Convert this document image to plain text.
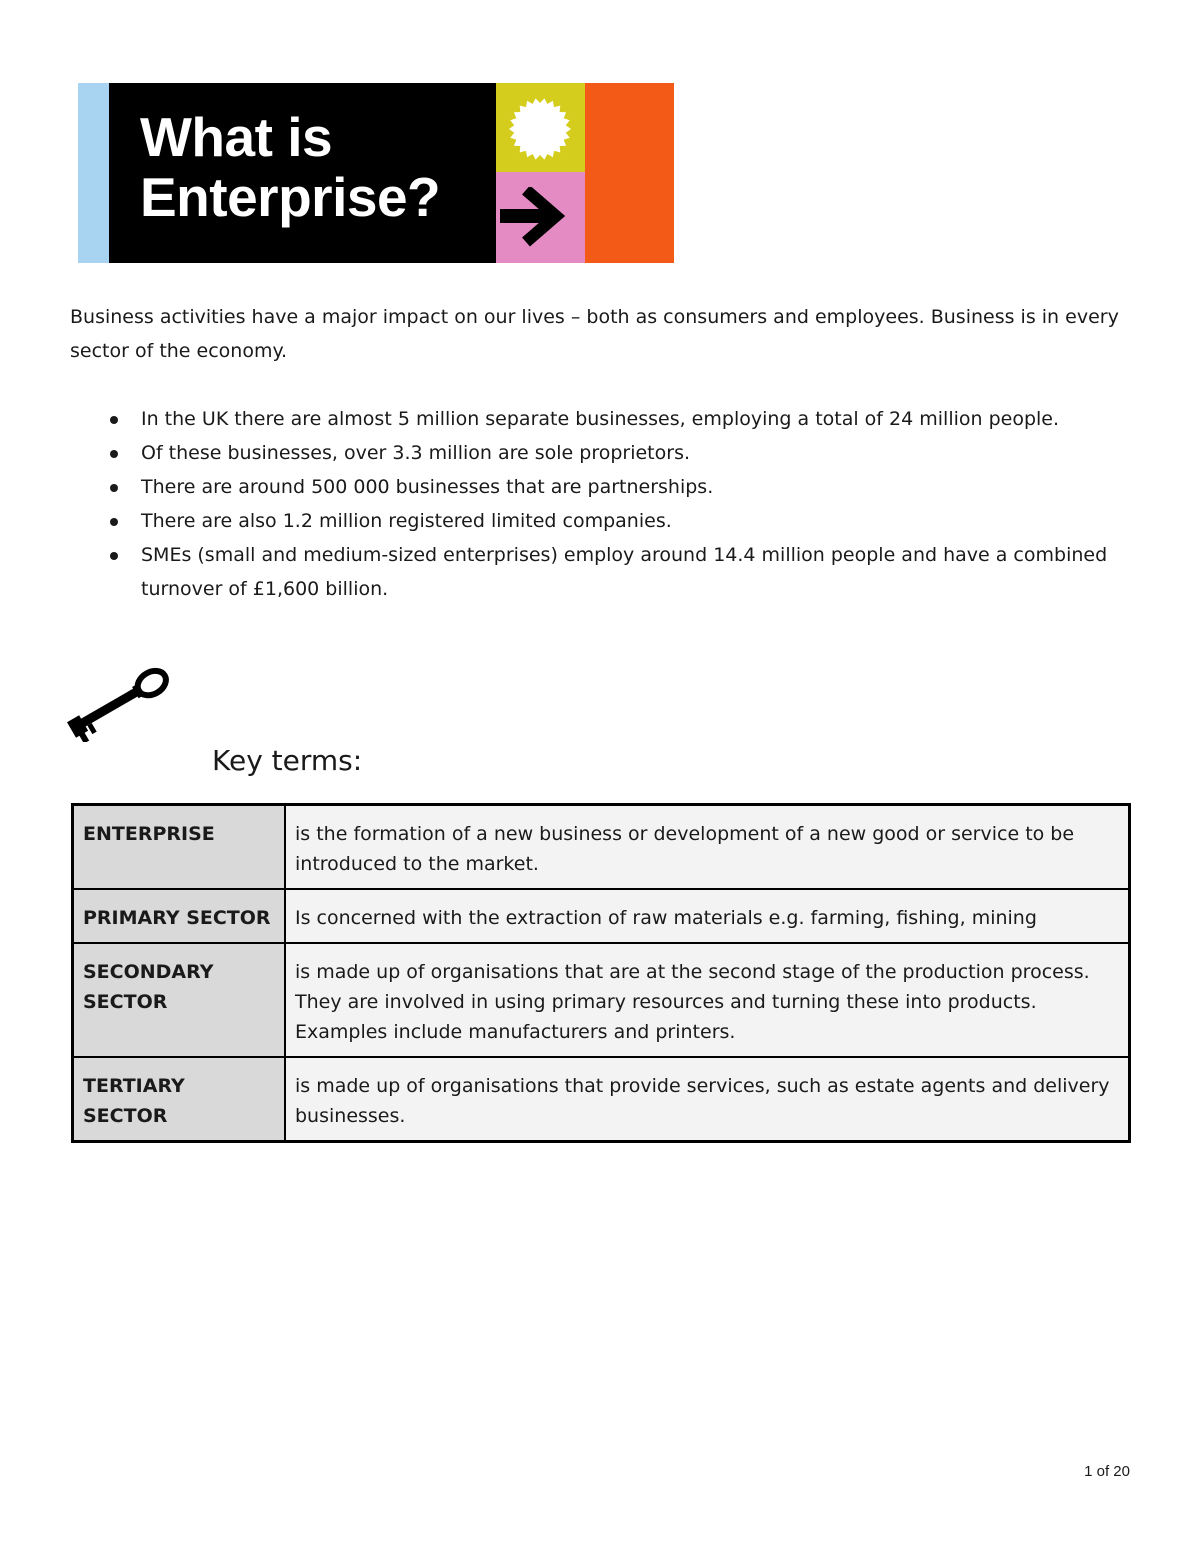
What is
Enterprise?

Business activities have a major impact on our lives – both as consumers and employees. Business is in every sector of the economy.

In the UK there are almost 5 million separate businesses, employing a total of 24 million people.
Of these businesses, over 3.3 million are sole proprietors.
There are around 500 000 businesses that are partnerships.
There are also 1.2 million registered limited companies.
SMEs (small and medium-sized enterprises) employ around 14.4 million people and have a combined turnover of £1,600 billion.
Key terms:
ENTERPRISE	is the formation of a new business or development of a new good or service to be introduced to the market.
PRIMARY SECTOR	Is concerned with the extraction of raw materials e.g. farming, fishing, mining
SECONDARY SECTOR	is made up of organisations that are at the second stage of the production process. They are involved in using primary resources and turning these into products. Examples include manufacturers and printers.
TERTIARY SECTOR	is made up of organisations that provide services, such as estate agents and delivery businesses.

1 of 20
